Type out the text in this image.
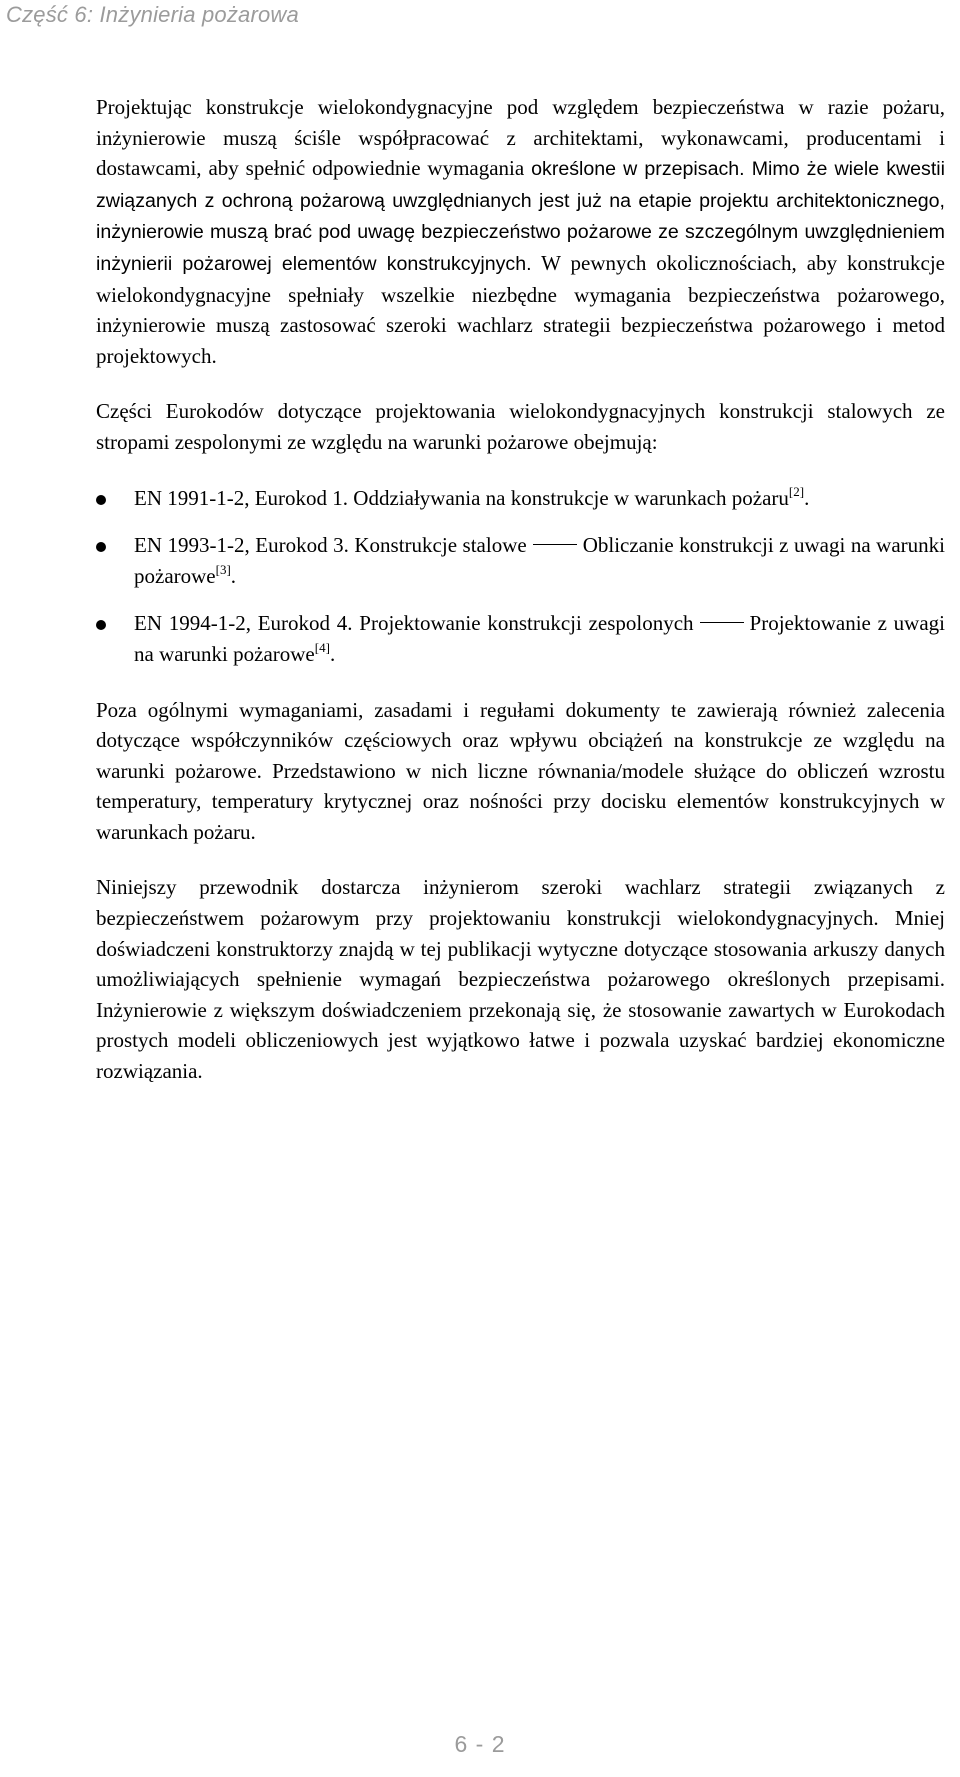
Część 6: Inżynieria pożarowa

Projektując konstrukcje wielokondygnacyjne pod względem bezpieczeństwa w razie pożaru, inżynierowie muszą ściśle współpracować z architektami, wykonawcami, producentami i dostawcami, aby spełnić odpowiednie wymagania określone w przepisach. Mimo że wiele kwestii związanych z ochroną pożarową uwzględnianych jest już na etapie projektu architektonicznego, inżynierowie muszą brać pod uwagę bezpieczeństwo pożarowe ze szczególnym uwzględnieniem inżynierii pożarowej elementów konstrukcyjnych. W pewnych okolicznościach, aby konstrukcje wielokondygnacyjne spełniały wszelkie niezbędne wymagania bezpieczeństwa pożarowego, inżynierowie muszą zastosować szeroki wachlarz strategii bezpieczeństwa pożarowego i metod projektowych.

Części Eurokodów dotyczące projektowania wielokondygnacyjnych konstrukcji stalowych ze stropami zespolonymi ze względu na warunki pożarowe obejmują:

EN 1991-1-2, Eurokod 1. Oddziaływania na konstrukcje w warunkach pożaru[2].
EN 1993-1-2, Eurokod 3. Konstrukcje stalowe	Obliczanie konstrukcji z uwagi na warunki pożarowe[3].
EN 1994-1-2, Eurokod 4. Projektowanie konstrukcji zespolonych	Projektowanie z uwagi na warunki pożarowe[4].

Poza ogólnymi wymaganiami, zasadami i regułami dokumenty te zawierają również zalecenia dotyczące współczynników częściowych oraz wpływu obciążeń na konstrukcje ze względu na warunki pożarowe. Przedstawiono w nich liczne równania/modele służące do obliczeń wzrostu temperatury, temperatury krytycznej oraz nośności przy docisku elementów konstrukcyjnych w warunkach pożaru.

Niniejszy przewodnik dostarcza inżynierom szeroki wachlarz strategii związanych z bezpieczeństwem pożarowym przy projektowaniu konstrukcji wielokondygnacyjnych. Mniej doświadczeni konstruktorzy znajdą w tej publikacji wytyczne dotyczące stosowania arkuszy danych umożliwiających spełnienie wymagań bezpieczeństwa pożarowego określonych przepisami. Inżynierowie z większym doświadczeniem przekonają się, że stosowanie zawartych w Eurokodach prostych modeli obliczeniowych jest wyjątkowo łatwe i pozwala uzyskać bardziej ekonomiczne rozwiązania.

6 - 2
